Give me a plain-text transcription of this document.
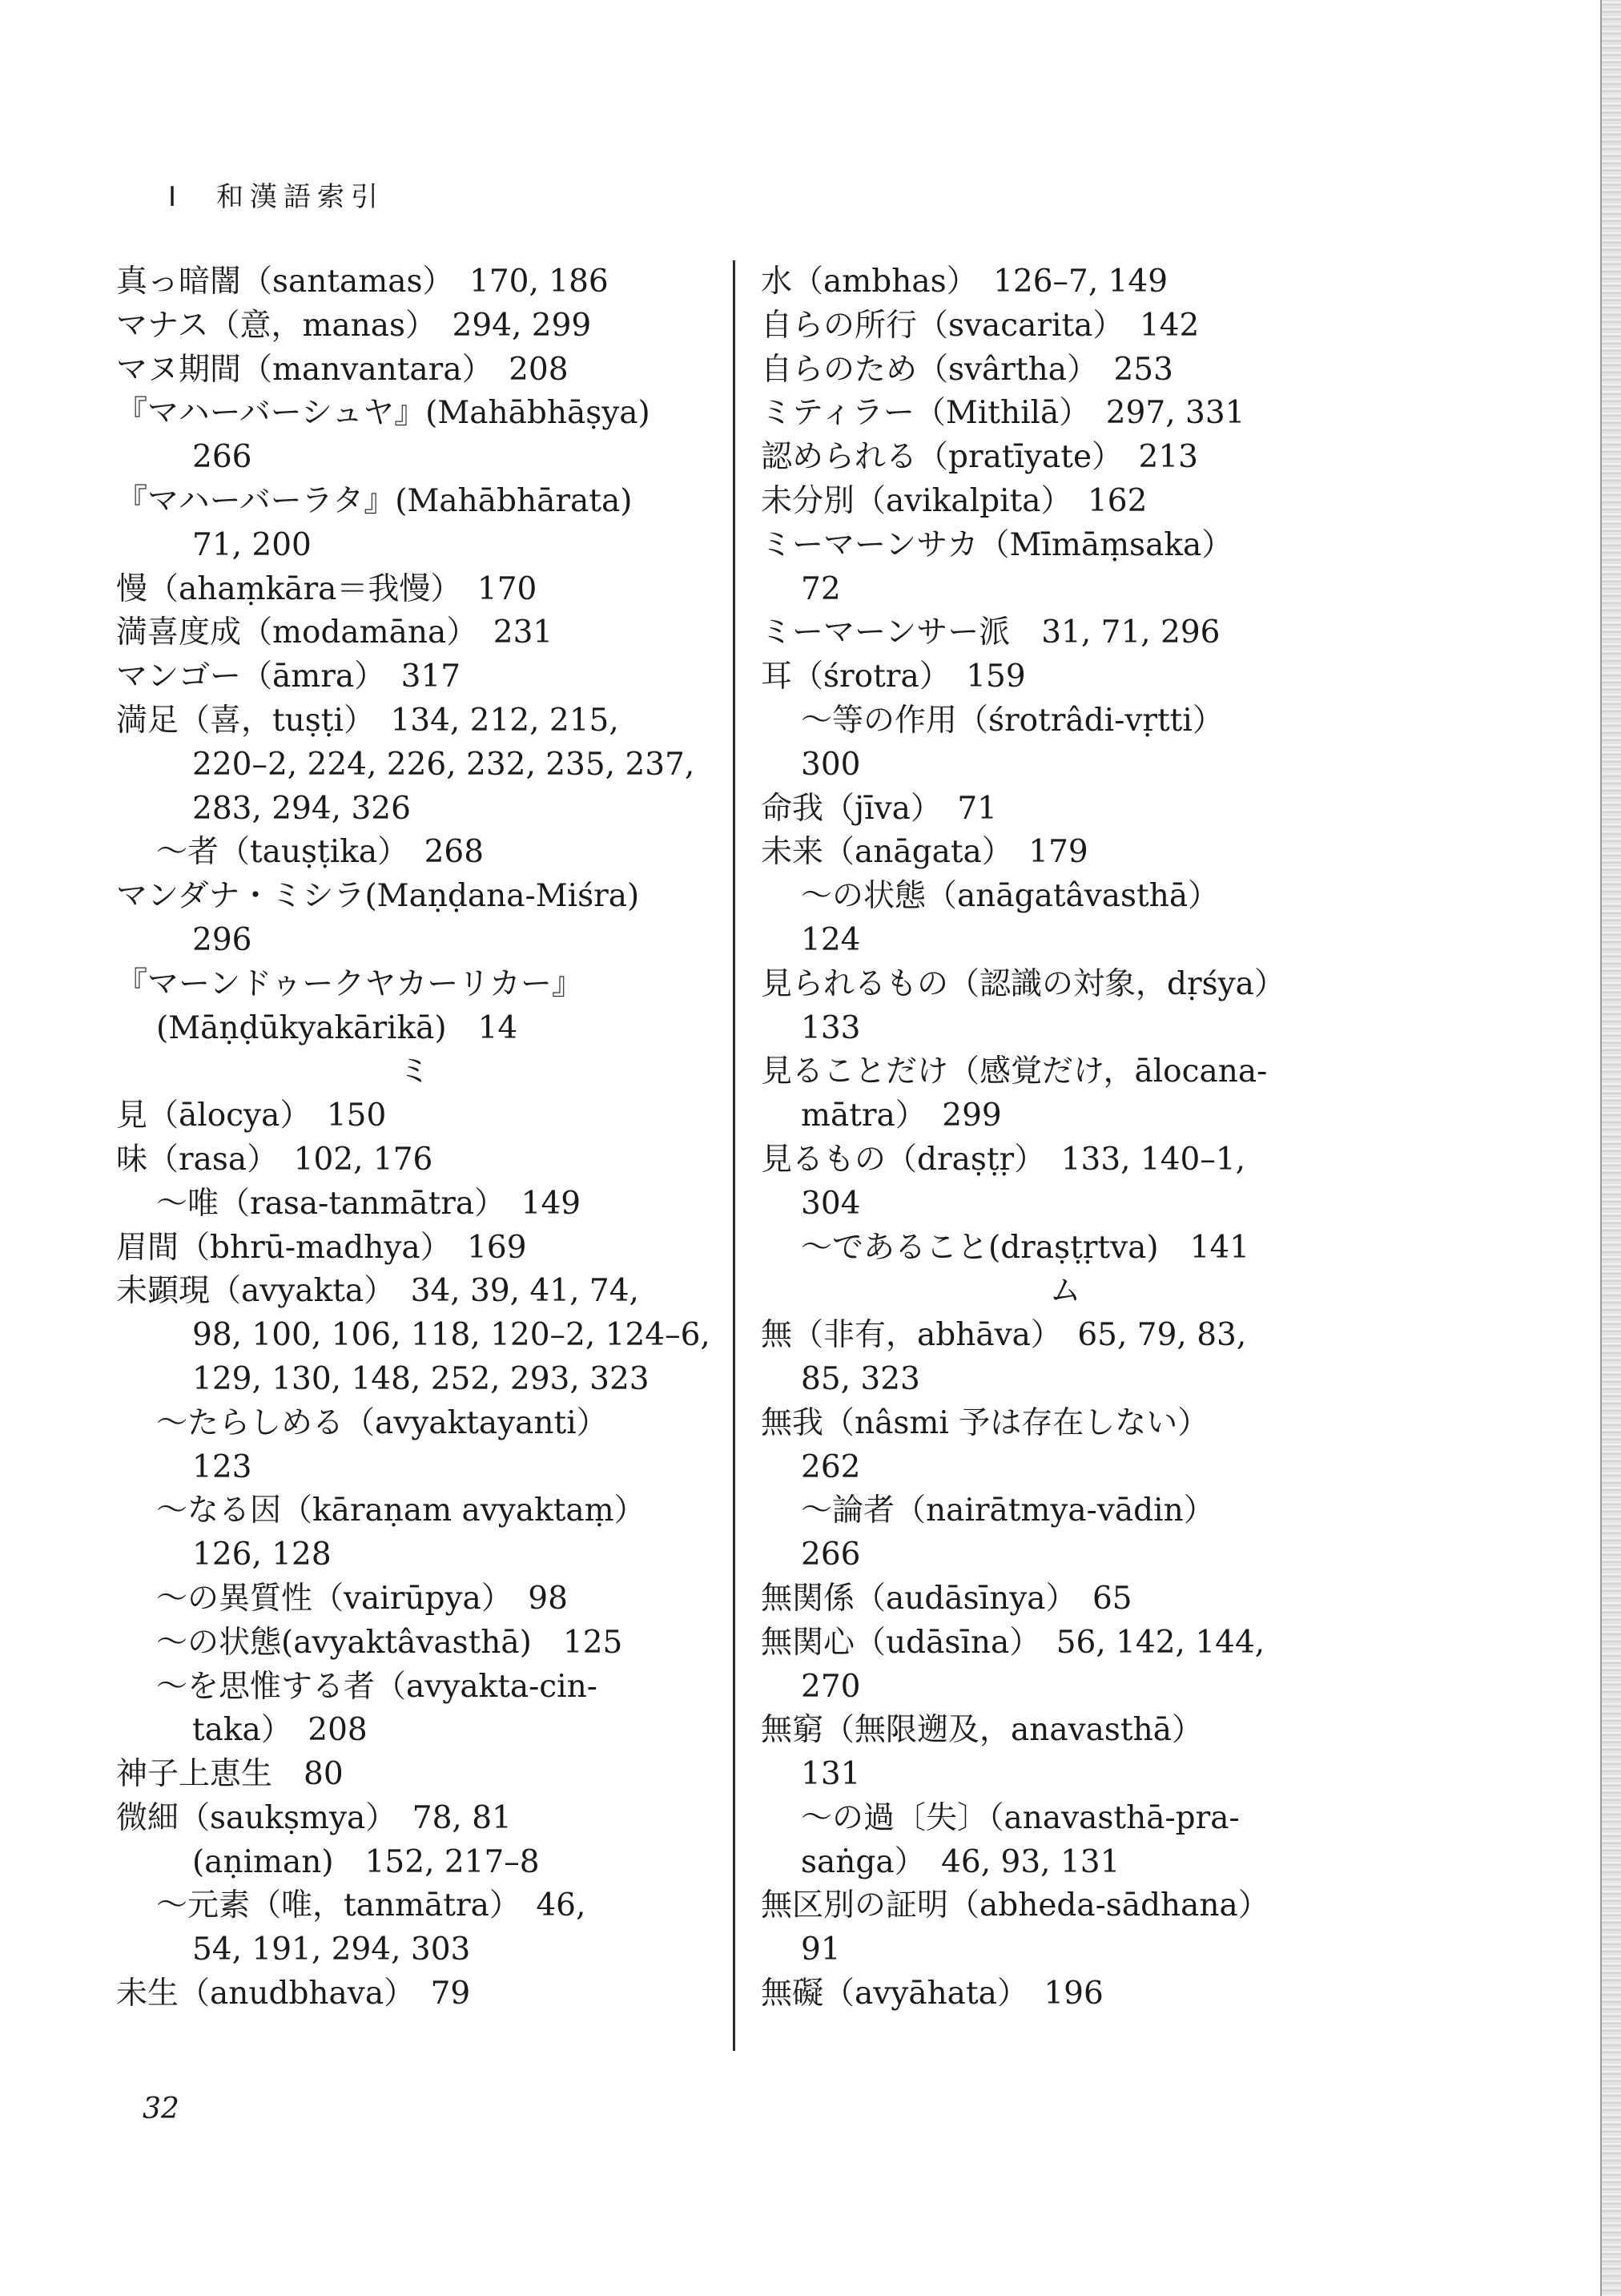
I　和漢語索引
真っ暗闇（santamas）　170, 186
マナス（意，manas）　294, 299
マヌ期間（manvantara）　208
『マハーバーシュヤ』(Mahābhāṣya)
266
『マハーバーラタ』(Mahābhārata)
71, 200
慢（ahaṃkāra＝我慢）　170
満喜度成（modamāna）　231
マンゴー（āmra）　317
満足（喜，tuṣṭi）　134, 212, 215,
220–2, 224, 226, 232, 235, 237,
283, 294, 326
〜者（tauṣṭika）　268
マンダナ・ミシラ(Maṇḍana-Miśra)
296
『マーンドゥークヤカーリカー』
(Māṇḍūkyakārikā)　14
ミ
見（ālocya）　150
味（rasa）　102, 176
〜唯（rasa-tanmātra）　149
眉間（bhrū-madhya）　169
未顕現（avyakta）　34, 39, 41, 74,
98, 100, 106, 118, 120–2, 124–6,
129, 130, 148, 252, 293, 323
〜たらしめる（avyaktayanti）
123
〜なる因（kāraṇam avyaktaṃ）
126, 128
〜の異質性（vairūpya）　98
〜の状態(avyaktâvasthā)　125
〜を思惟する者（avyakta-cin-
taka）　208
神子上恵生　80
微細（saukṣmya）　78, 81
(aṇiman)　152, 217–8
〜元素（唯，tanmātra）　46,
54, 191, 294, 303
未生（anudbhava）　79
水（ambhas）　126–7, 149
自らの所行（svacarita）　142
自らのため（svârtha）　253
ミティラー（Mithilā）　297, 331
認められる（pratīyate）　213
未分別（avikalpita）　162
ミーマーンサカ（Mīmāṃsaka）
72
ミーマーンサー派　31, 71, 296
耳（śrotra）　159
〜等の作用（śrotrâdi-vṛtti）
300
命我（jīva）　71
未来（anāgata）　179
〜の状態（anāgatâvasthā）
124
見られるもの（認識の対象，dṛśya）
133
見ることだけ（感覚だけ，ālocana-
mātra）　299
見るもの（draṣṭṛ）　133, 140–1,
304
〜であること(draṣṭṛtva)　141
ム
無（非有，abhāva）　65, 79, 83,
85, 323
無我（nâsmi 予は存在しない）
262
〜論者（nairātmya-vādin）
266
無関係（audāsīnya）　65
無関心（udāsīna）　56, 142, 144,
270
無窮（無限遡及，anavasthā）
131
〜の過〔失〕（anavasthā-pra-
saṅga）　46, 93, 131
無区別の証明（abheda-sādhana）
91
無礙（avyāhata）　196
32
